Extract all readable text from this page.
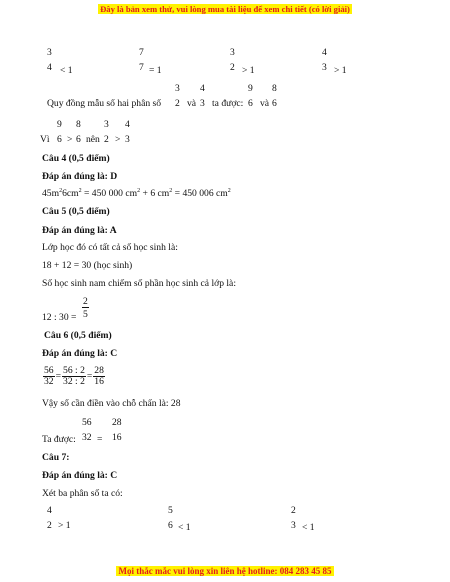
Đây là bản xem thử, vui lòng mua tài liệu để xem chi tiết (có lời giải)
3
4 < 1
7
7 = 1
3
2 > 1
4
3 > 1
Quy đồng mẫu số hai phân số
3
2 và
4
3 ta được:
9
6 và
8
6
Vì
9
6 >
8
6 nên
3
2 >
4
3
Câu 4 (0,5 điểm)
Đáp án đúng là: D
$45m^26cm^2 = 450$ 000 $cm^2 + 6$ $cm^2 = 450$ 006 $cm^2$
Câu 5 (0,5 điểm)
Đáp án đúng là: A
Lớp học đó có tất cả số học sinh là:
18 + 12 = 30 (học sinh)
Số học sinh nam chiếm số phần học sinh cả lớp là:
12 : 30 =
2
5
Câu 6 (0,5 điểm)
Đáp án đúng là: C
$\frac{56}{32} = \frac{56 : 2}{32 : 2} = \frac{28}{16}$
Vậy số cần điền vào chỗ chấn là: 28
Ta được:
56
32 =
28
16
Câu 7:
Đáp án đúng là: C
Xét ba phân số ta có:
4
2 > 1
5
6 < 1
2
3 < 1
Mọi thắc mắc vui lòng xin liên hệ hotline: 084 283 45 85
